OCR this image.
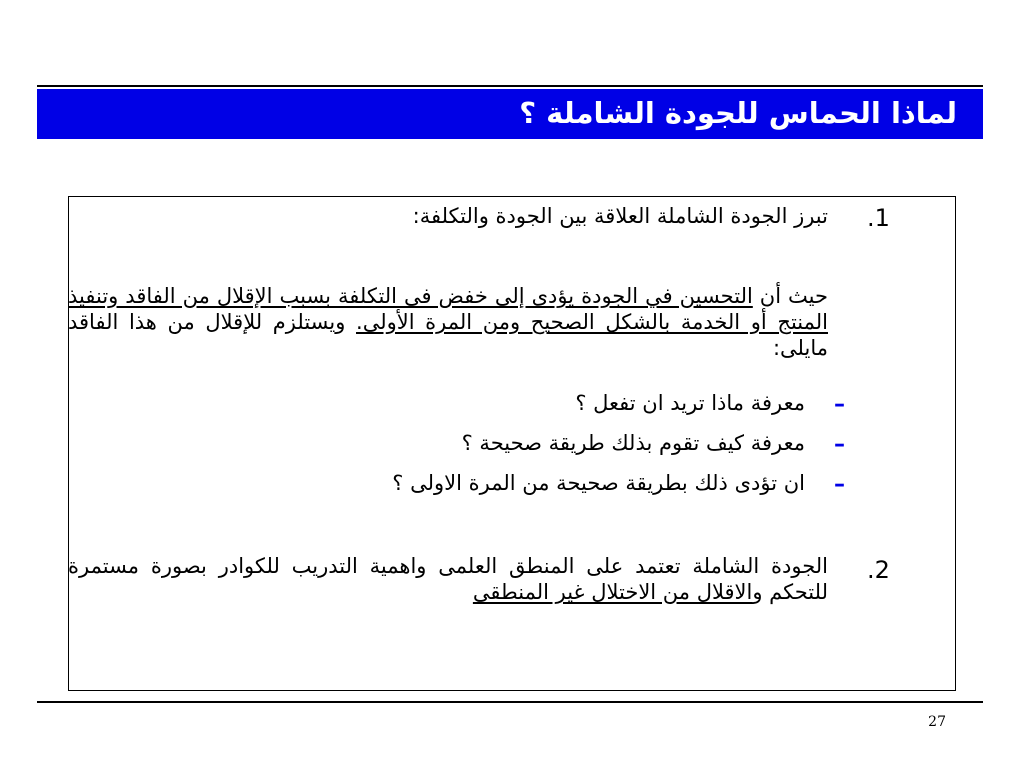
لماذا الحماس للجودة الشاملة ؟
.1
تبرز الجودة الشاملة العلاقة بين الجودة والتكلفة:
حيث أن التحسين في الجودة يؤدى إلى خفض فى التكلفة بسبب الإقلال من الفاقد وتنفيذ المنتج أو الخدمة بالشكل الصحيح ومن المرة الأولى. ويستلزم للإقلال من هذا الفاقد مايلى:
–
معرفة ماذا تريد ان تفعل ؟
–
معرفة كيف تقوم بذلك طريقة صحيحة ؟
–
ان تؤدى ذلك بطريقة صحيحة من المرة الاولى ؟
.2
الجودة الشاملة تعتمد على المنطق العلمى واهمية التدريب للكوادر بصورة مستمرة للتحكم والاقلال من الاختلال غير المنطقى
27
